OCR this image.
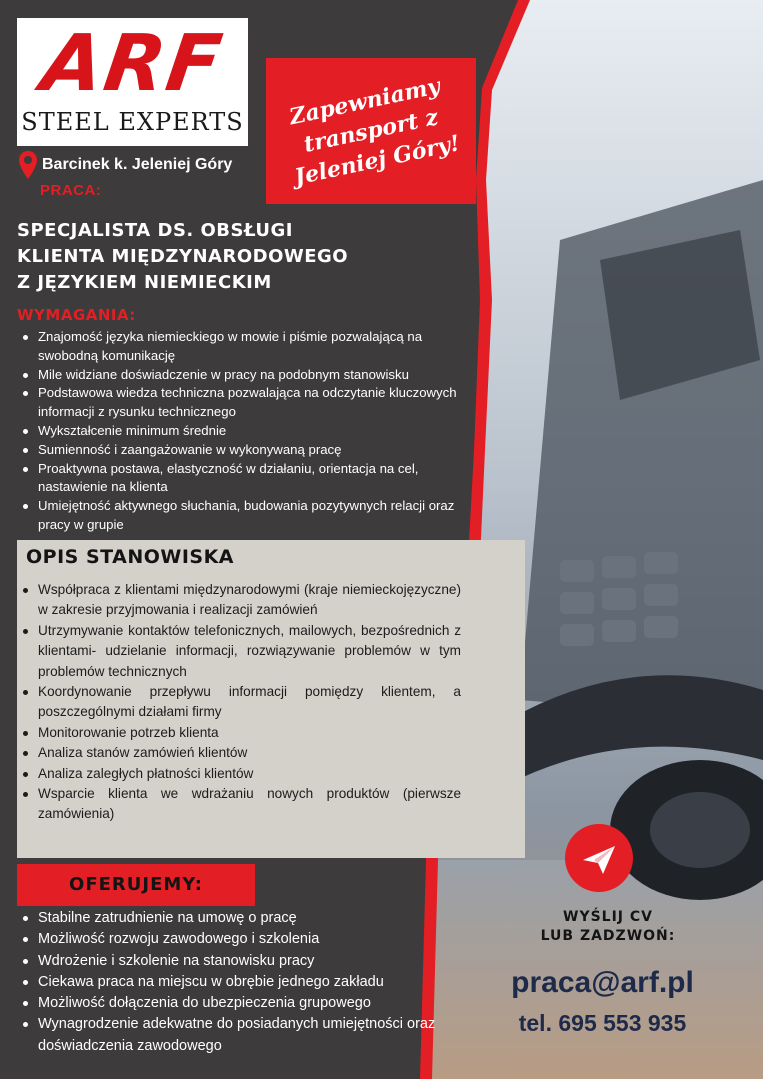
ARF
STEEL EXPERTS
Barcinek k. Jeleniej Góry
PRACA:
Zapewniamy transport z Jeleniej Góry!
SPECJALISTA DS. OBSŁUGI
KLIENTA MIĘDZYNARODOWEGO
Z JĘZYKIEM NIEMIECKIM
WYMAGANIA:
Znajomość języka niemieckiego w mowie i piśmie pozwalającą na swobodną komunikację
Mile widziane doświadczenie w pracy na podobnym stanowisku
Podstawowa wiedza techniczna pozwalająca na odczytanie kluczowych informacji z rysunku technicznego
Wykształcenie minimum średnie
Sumienność i zaangażowanie w wykonywaną pracę
Proaktywna postawa, elastyczność w działaniu, orientacja na cel, nastawienie na klienta
Umiejętność aktywnego słuchania, budowania pozytywnych relacji oraz pracy w grupie
OPIS STANOWISKA
Współpraca z klientami międzynarodowymi (kraje niemieckojęzyczne) w zakresie przyjmowania i realizacji zamówień
Utrzymywanie kontaktów telefonicznych, mailowych, bezpośrednich z klientami- udzielanie informacji, rozwiązywanie problemów w tym problemów technicznych
Koordynowanie przepływu informacji pomiędzy klientem, a poszczególnymi działami firmy
Monitorowanie potrzeb klienta
Analiza stanów zamówień klientów
Analiza zaległych płatności klientów
Wsparcie klienta we wdrażaniu nowych produktów (pierwsze zamówienia)
OFERUJEMY:
Stabilne zatrudnienie na umowę o pracę
Możliwość rozwoju zawodowego i szkolenia
Wdrożenie i szkolenie na stanowisku pracy
Ciekawa praca na miejscu w obrębie jednego zakładu
Możliwość dołączenia do ubezpieczenia grupowego
Wynagrodzenie adekwatne do posiadanych umiejętności oraz doświadczenia zawodowego
WYŚLIJ CV
LUB ZADZWOŃ:
praca@arf.pl
tel. 695 553 935
